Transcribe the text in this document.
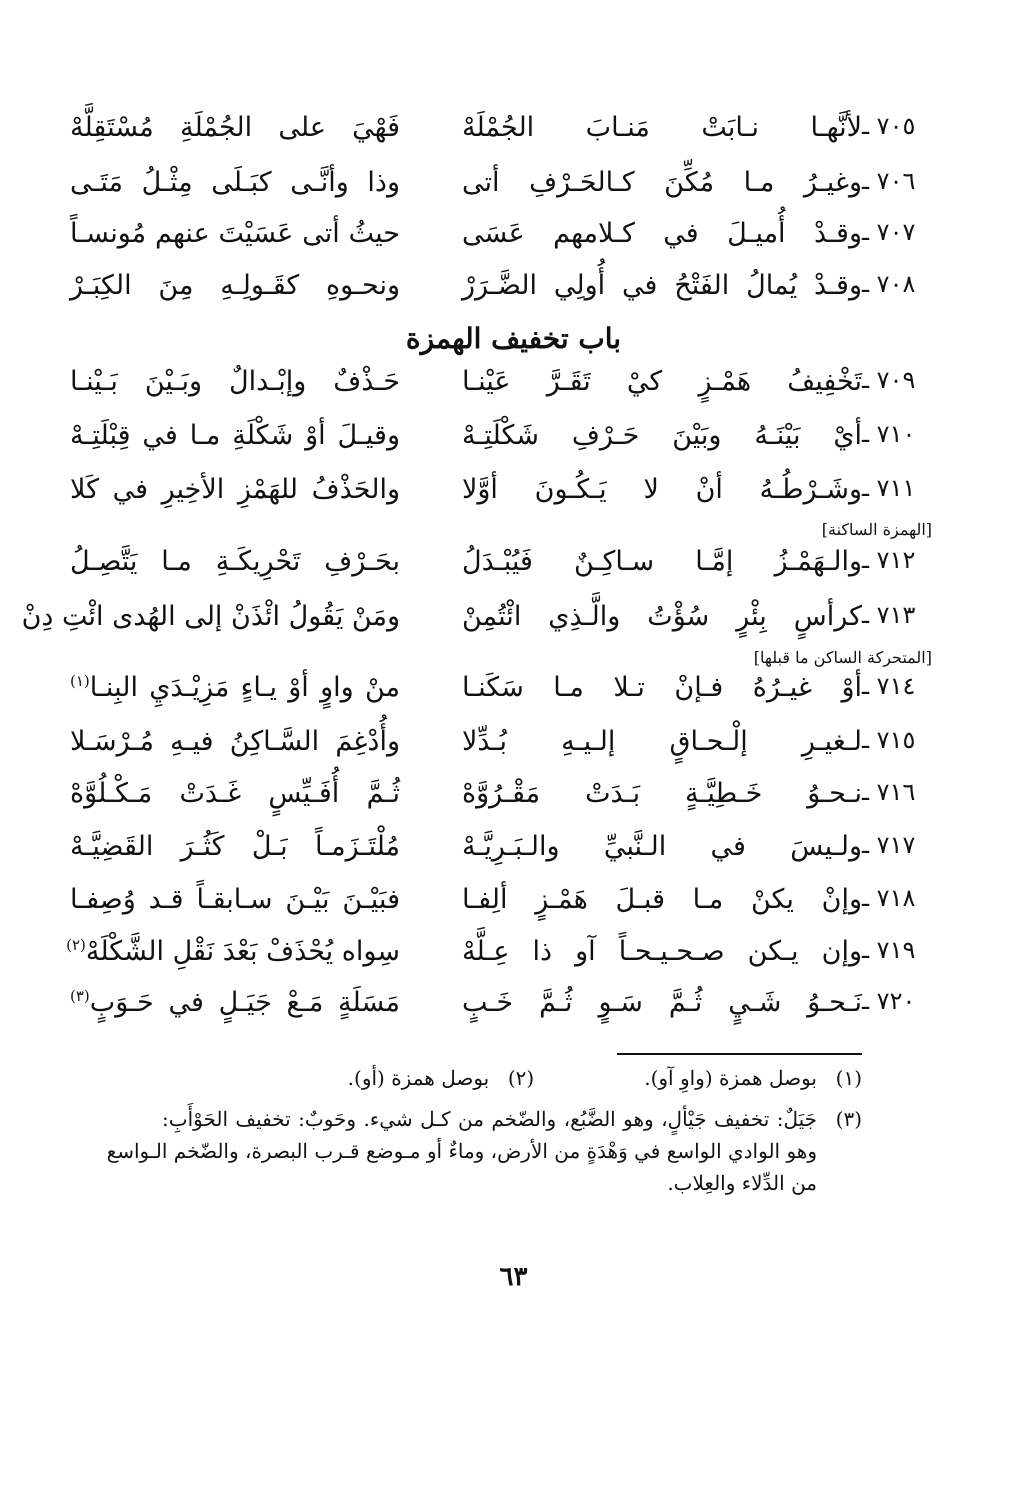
٧٠٥ ـ
لأنَّهـا نـابَتْ مَنـابَ الجُمْلَهْ
فَهْيَ على الجُمْلَةِ مُسْتَقِلَّهْ
٧٠٦ ـ
وغيـرُ مـا مُكِّنَ كـالحَـرْفِ أتى
وذا وأنَّـى كبَـلَى مِثْـلُ مَتَـى
٧٠٧ ـ
وقـدْ أُميـلَ في كـلامهم عَسَى
حيثُ أتى عَسَيْتَ عنهم مُونسـاً
٧٠٨ ـ
وقـدْ يُمالُ الفَتْحُ في أُولِي الضَّـرَرْ
ونحـوهِ كقَـولِـهِ مِنَ الكِبَـرْ
باب تخفيف الهمزة
٧٠٩ ـ
تَخْفِيفُ هَمْـزٍ كيْ تَقَـرَّ عَيْنـا
حَـذْفٌ وإبْـدالٌ وبَـيْنَ بَـيْنـا
٧١٠ ـ
أيْ بَيْنَـهُ وبَيْنَ حَـرْفِ شَكْلَتِـهْ
وقيـلَ أوْ شَكْلَةِ مـا في قِبْلَتِـهْ
٧١١ ـ
وشَـرْطُـهُ أنْ لا يَـكُـونَ أوَّلا
والحَذْفُ للهَمْزِ الأخِيرِ في كَلا
[الهمزة الساكنة]
٧١٢ ـ
والـهَمْـزُ إمَّـا سـاكِـنٌ فَيُبْـدَلُ
بحَـرْفِ تَحْرِيكَـةِ مـا يَتَّصِـلُ
٧١٣ ـ
كرأسٍ بِئْرٍ سُؤْتُ والَّـذِي ائْتُمِنْ
ومَنْ يَقُولُ ائْذَنْ إلى الهُدى ائْتِ دِنْ
[المتحركة الساكن ما قبلها]
٧١٤ ـ
أوْ غيـرُهُ فـإنْ تـلا مـا سَكَنـا
منْ واوٍ أوْ يـاءٍ مَزِيْـدَيِ البِنـا$^{(١)}$
٧١٥ ـ
لـغيـرِ إلْـحـاقٍ إلـيـهِ بُـدِّلا
وأُدْغِمَ السَّـاكِنُ فيـهِ مُـرْسَـلا
٧١٦ ـ
نـحـوُ خَـطِيَّـةٍ بَـدَتْ مَقْـرُوَّهْ
ثُـمَّ أُفَـيِّسٍ غَـدَتْ مَـكْـلُوَّهْ
٧١٧ ـ
ولـيسَ في الـنَّبيِّ والـبَـرِيَّـهْ
مُلْتَـزَمـاً بَـلْ كَثُـرَ القَضِيَّـهْ
٧١٨ ـ
وإنْ يكنْ مـا قبـلَ هَمْـزٍ ألِفـا
فبَيْـنَ بَيْـنَ سـابقـاً قـد وُصِفـا
٧١٩ ـ
وإن يـكن صـحـيـحـاً آو ذا عِـلَّهْ
سِواه يُحْذَفْ بَعْدَ نَقْلِ الشَّكْلَهْ$^{(٢)}$
٧٢٠ ـ
نَـحـوُ شَـيٍ ثُـمَّ سَـوٍ ثُـمَّ خَـبٍ
مَسَلَةٍ مَـعْ جَيَـلٍ في حَـوَبٍ$^{(٣)}$
(١)بوصل همزة (واوِ آو).(٢)بوصل همزة (أو).
(٣)
جَيَلٌ: تخفيف جَيْألٍ، وهو الضَّبُع، والضّخم من كـل شيء. وحَوبٌ: تخفيف الحَوْأَبِ:
وهو الوادي الواسع في وَهْدَةٍ من الأرض، وماءٌ أو مـوضع قـرب البصرة، والضّخم الـواسع
من الدِّلاء والعِلاب.
٦٣
